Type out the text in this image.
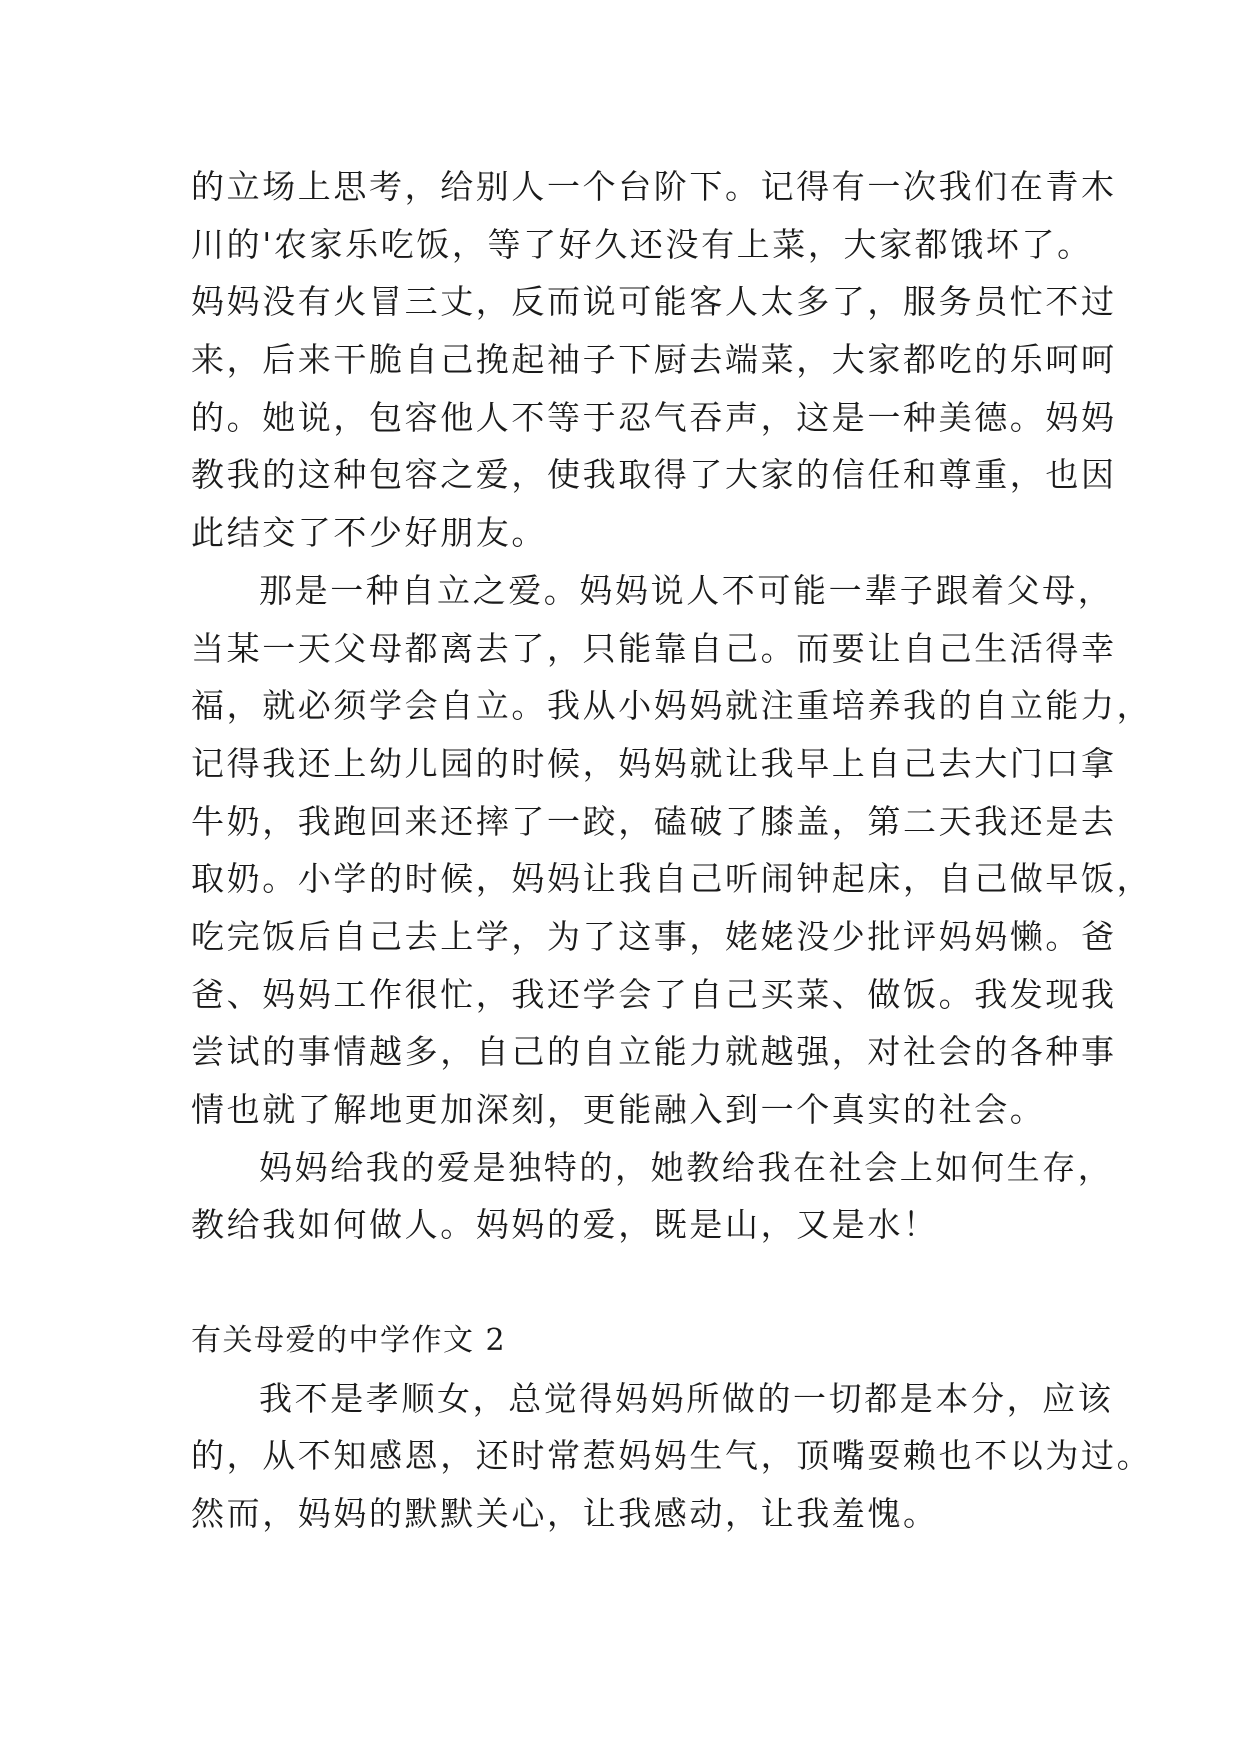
的立场上思考，给别人一个台阶下。记得有一次我们在青木
川的'农家乐吃饭，等了好久还没有上菜，大家都饿坏了。
妈妈没有火冒三丈，反而说可能客人太多了，服务员忙不过
来，后来干脆自己挽起袖子下厨去端菜，大家都吃的乐呵呵
的。她说，包容他人不等于忍气吞声，这是一种美德。妈妈
教我的这种包容之爱，使我取得了大家的信任和尊重，也因
此结交了不少好朋友。
那是一种自立之爱。妈妈说人不可能一辈子跟着父母，
当某一天父母都离去了，只能靠自己。而要让自己生活得幸
福，就必须学会自立。我从小妈妈就注重培养我的自立能力，
记得我还上幼儿园的时候，妈妈就让我早上自己去大门口拿
牛奶，我跑回来还摔了一跤，磕破了膝盖，第二天我还是去
取奶。小学的时候，妈妈让我自己听闹钟起床，自己做早饭，
吃完饭后自己去上学，为了这事，姥姥没少批评妈妈懒。爸
爸、妈妈工作很忙，我还学会了自己买菜、做饭。我发现我
尝试的事情越多，自己的自立能力就越强，对社会的各种事
情也就了解地更加深刻，更能融入到一个真实的社会。
妈妈给我的爱是独特的，她教给我在社会上如何生存，
教给我如何做人。妈妈的爱，既是山，又是水！
有关母爱的中学作文 2
我不是孝顺女，总觉得妈妈所做的一切都是本分，应该
的，从不知感恩，还时常惹妈妈生气，顶嘴耍赖也不以为过。
然而，妈妈的默默关心，让我感动，让我羞愧。
